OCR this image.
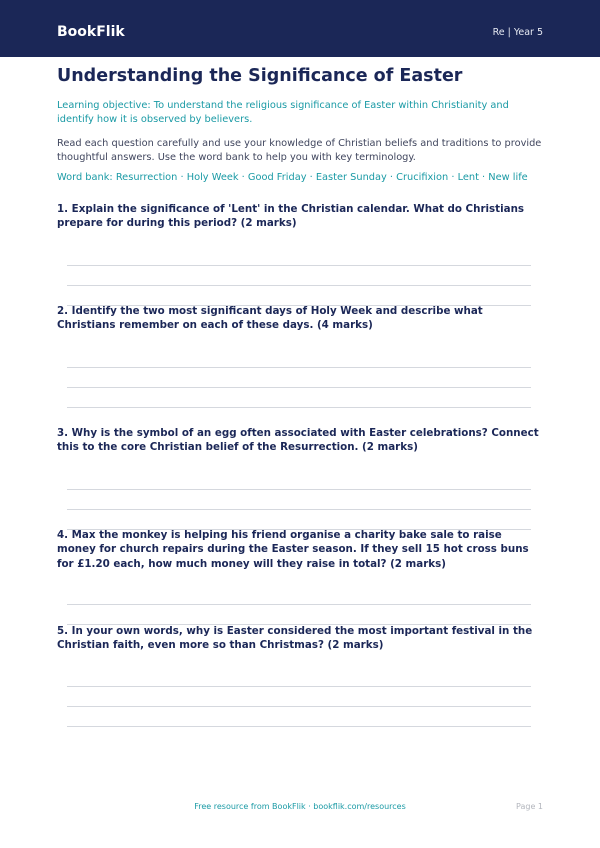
BookFlik	Re | Year 5
Understanding the Significance of Easter

Learning objective: To understand the religious significance of Easter within Christianity and identify how it is observed by believers.

Read each question carefully and use your knowledge of Christian beliefs and traditions to provide thoughtful answers. Use the word bank to help you with key terminology.

Word bank: Resurrection · Holy Week · Good Friday · Easter Sunday · Crucifixion · Lent · New life

1. Explain the significance of 'Lent' in the Christian calendar. What do Christians prepare for during this period? (2 marks)
2. Identify the two most significant days of Holy Week and describe what Christians remember on each of these days. (4 marks)
3. Why is the symbol of an egg often associated with Easter celebrations? Connect this to the core Christian belief of the Resurrection. (2 marks)
4. Max the monkey is helping his friend organise a charity bake sale to raise money for church repairs during the Easter season. If they sell 15 hot cross buns for £1.20 each, how much money will they raise in total? (2 marks)
5. In your own words, why is Easter considered the most important festival in the Christian faith, even more so than Christmas? (2 marks)
Free resource from BookFlik · bookflik.com/resources	Page 1
